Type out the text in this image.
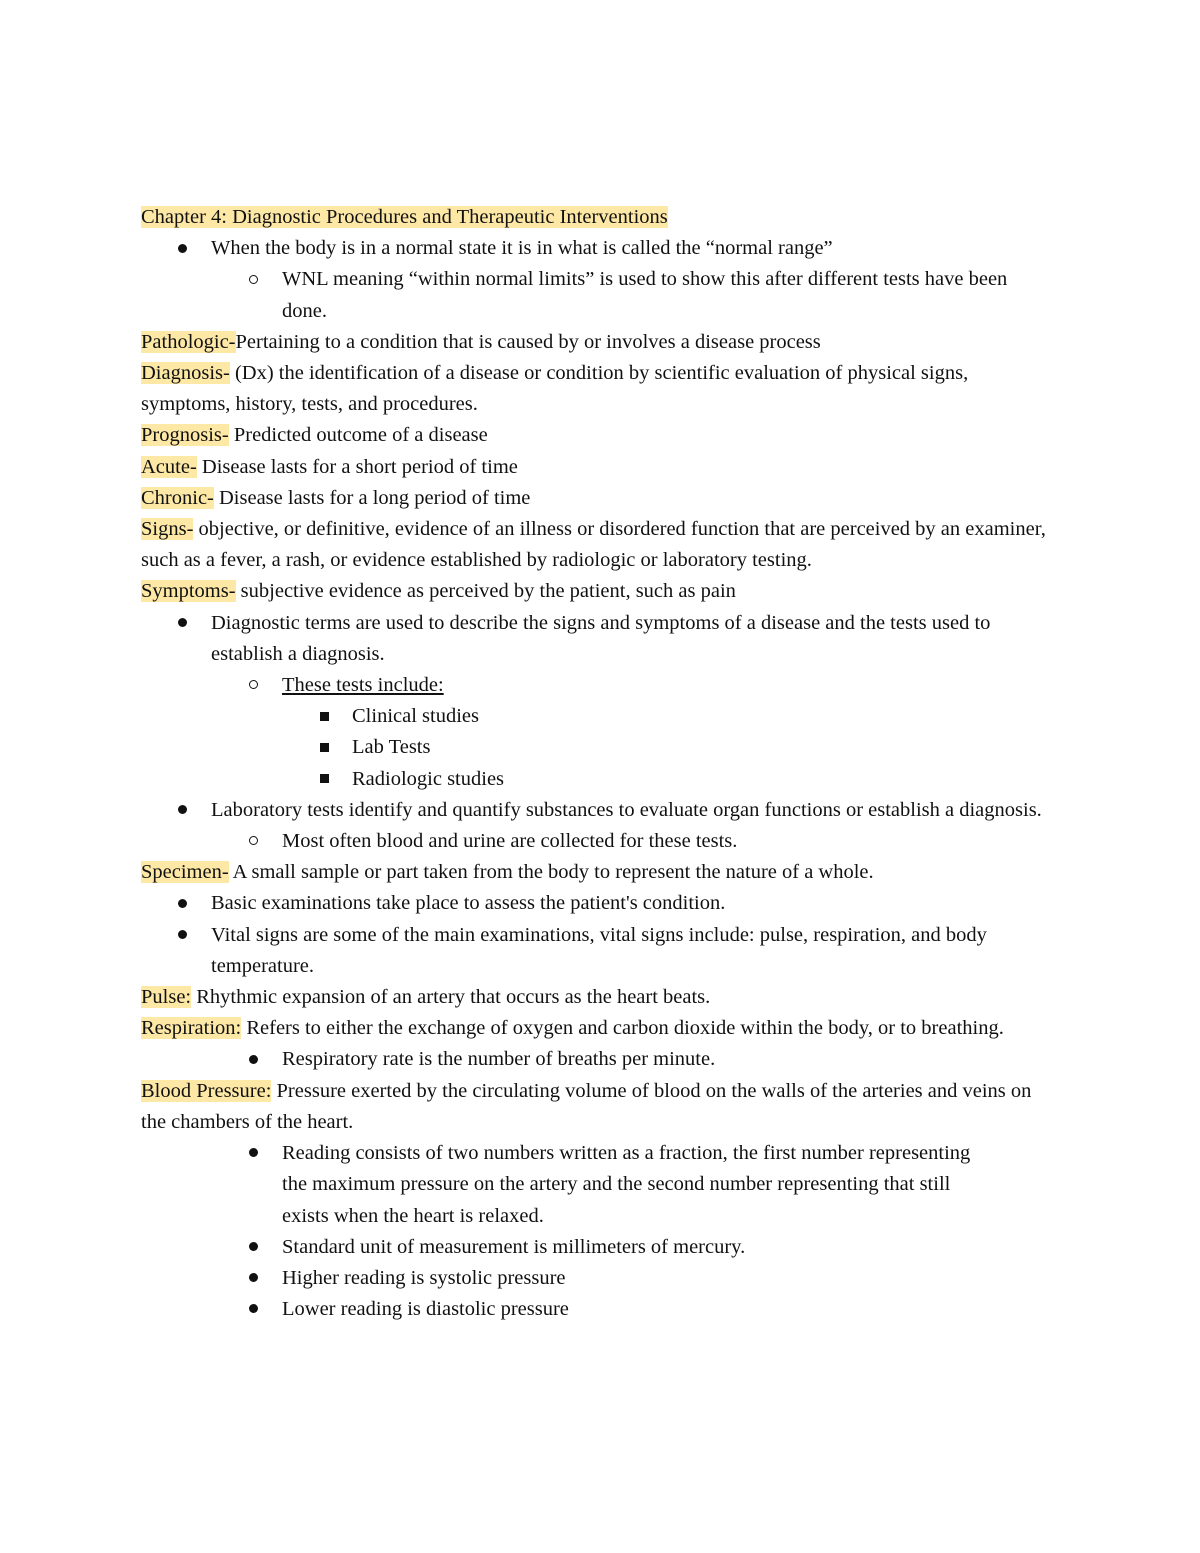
Chapter 4: Diagnostic Procedures and Therapeutic Interventions
When the body is in a normal state it is in what is called the “normal range”
WNL meaning “within normal limits” is used to show this after different tests have been done.
Pathologic-Pertaining to a condition that is caused by or involves a disease process
Diagnosis- (Dx) the identification of a disease or condition by scientific evaluation of physical signs, symptoms, history, tests, and procedures.
Prognosis- Predicted outcome of a disease
Acute- Disease lasts for a short period of time
Chronic- Disease lasts for a long period of time
Signs- objective, or definitive, evidence of an illness or disordered function that are perceived by an examiner, such as a fever, a rash, or evidence established by radiologic or laboratory testing.
Symptoms- subjective evidence as perceived by the patient, such as pain
Diagnostic terms are used to describe the signs and symptoms of a disease and the tests used to establish a diagnosis.
These tests include:
Clinical studies
Lab Tests
Radiologic studies
Laboratory tests identify and quantify substances to evaluate organ functions or establish a diagnosis.
Most often blood and urine are collected for these tests.
Specimen- A small sample or part taken from the body to represent the nature of a whole.
Basic examinations take place to assess the patient's condition.
Vital signs are some of the main examinations, vital signs include: pulse, respiration, and body temperature.
Pulse: Rhythmic expansion of an artery that occurs as the heart beats.
Respiration: Refers to either the exchange of oxygen and carbon dioxide within the body, or to breathing.
Respiratory rate is the number of breaths per minute.
Blood Pressure: Pressure exerted by the circulating volume of blood on the walls of the arteries and veins on the chambers of the heart.
Reading consists of two numbers written as a fraction, the first number representing the maximum pressure on the artery and the second number representing that still exists when the heart is relaxed.
Standard unit of measurement is millimeters of mercury.
Higher reading is systolic pressure
Lower reading is diastolic pressure
